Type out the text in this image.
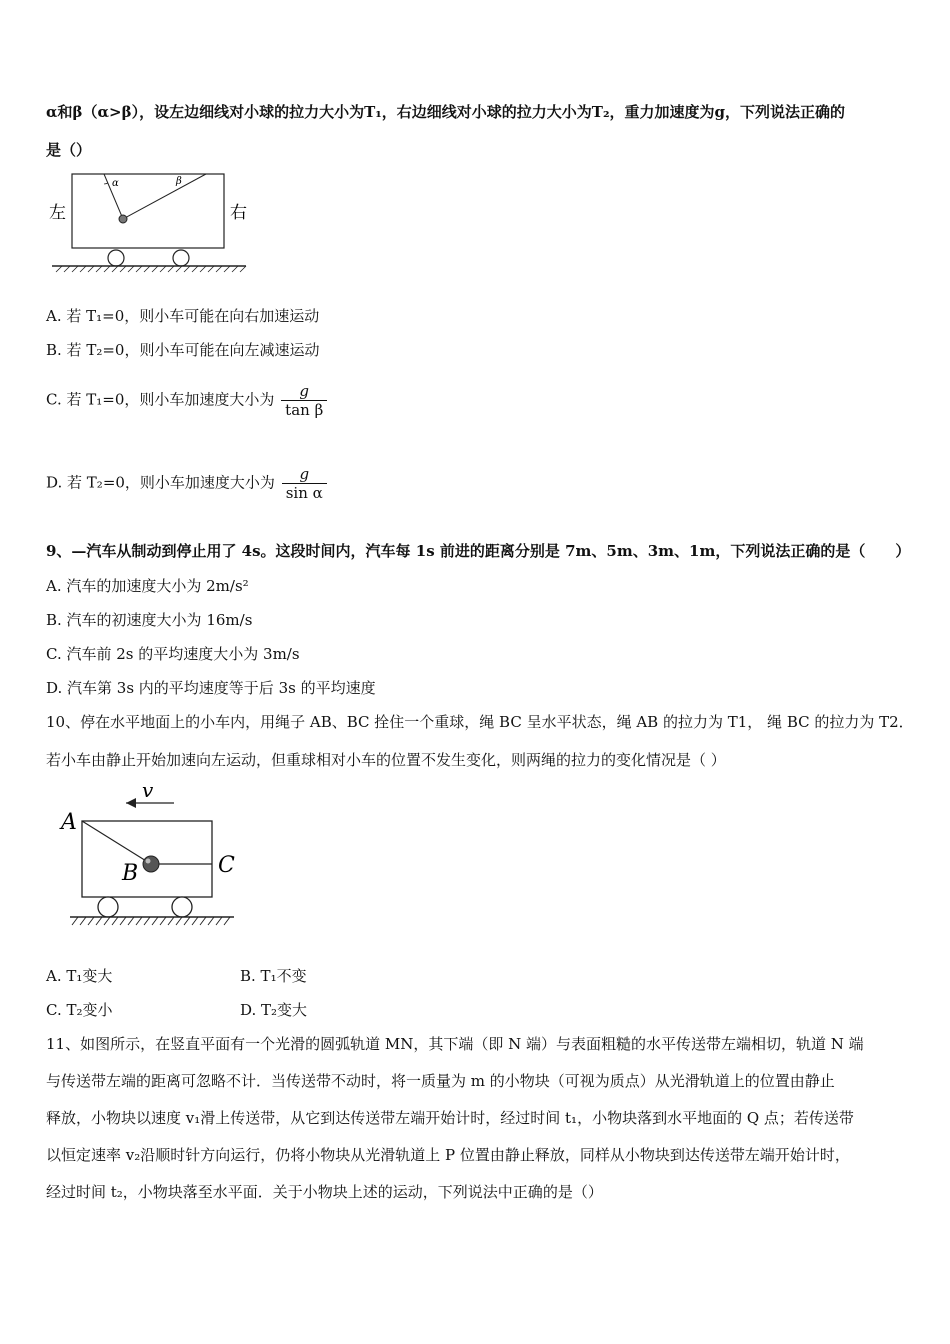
α和β（α>β），设左边细线对小球的拉力大小为T₁，右边细线对小球的拉力大小为T₂，重力加速度为g，下列说法正确的
是（）
α	β
左	右
A. 若 T₁=0，则小车可能在向右加速运动
B. 若 T₂=0，则小车可能在向左减速运动
C. 若 T₁=0，则小车加速度大小为 $\frac{g}{\text{tan β}}$
D. 若 T₂=0，则小车加速度大小为 $\frac{g}{\text{sin α}}$
9、—汽车从制动到停止用了 4s。这段时间内，汽车每 1s 前进的距离分别是 7m、5m、3m、1m，下列说法正确的是（　　）
A. 汽车的加速度大小为 2m/s²
B. 汽车的初速度大小为 16m/s
C. 汽车前 2s 的平均速度大小为 3m/s
D. 汽车第 3s 内的平均速度等于后 3s 的平均速度
10、停在水平地面上的小车内，用绳子 AB、BC 拴住一个重球，绳 BC 呈水平状态，绳 AB 的拉力为 T1， 绳 BC 的拉力为 T2．
若小车由静止开始加速向左运动，但重球相对小车的位置不发生变化，则两绳的拉力的变化情况是（ ）
v
A
B	C
A. T₁变大	B. T₁不变
C. T₂变小	D. T₂变大
11、如图所示，在竖直平面有一个光滑的圆弧轨道 MN，其下端（即 N 端）与表面粗糙的水平传送带左端相切，轨道 N 端
与传送带左端的距离可忽略不计．当传送带不动时，将一质量为 m 的小物块（可视为质点）从光滑轨道上的位置由静止
释放，小物块以速度 v₁滑上传送带，从它到达传送带左端开始计时，经过时间 t₁，小物块落到水平地面的 Q 点；若传送带
以恒定速率 v₂沿顺时针方向运行，仍将小物块从光滑轨道上 P 位置由静止释放，同样从小物块到达传送带左端开始计时，
经过时间 t₂，小物块落至水平面．关于小物块上述的运动，下列说法中正确的是（）
